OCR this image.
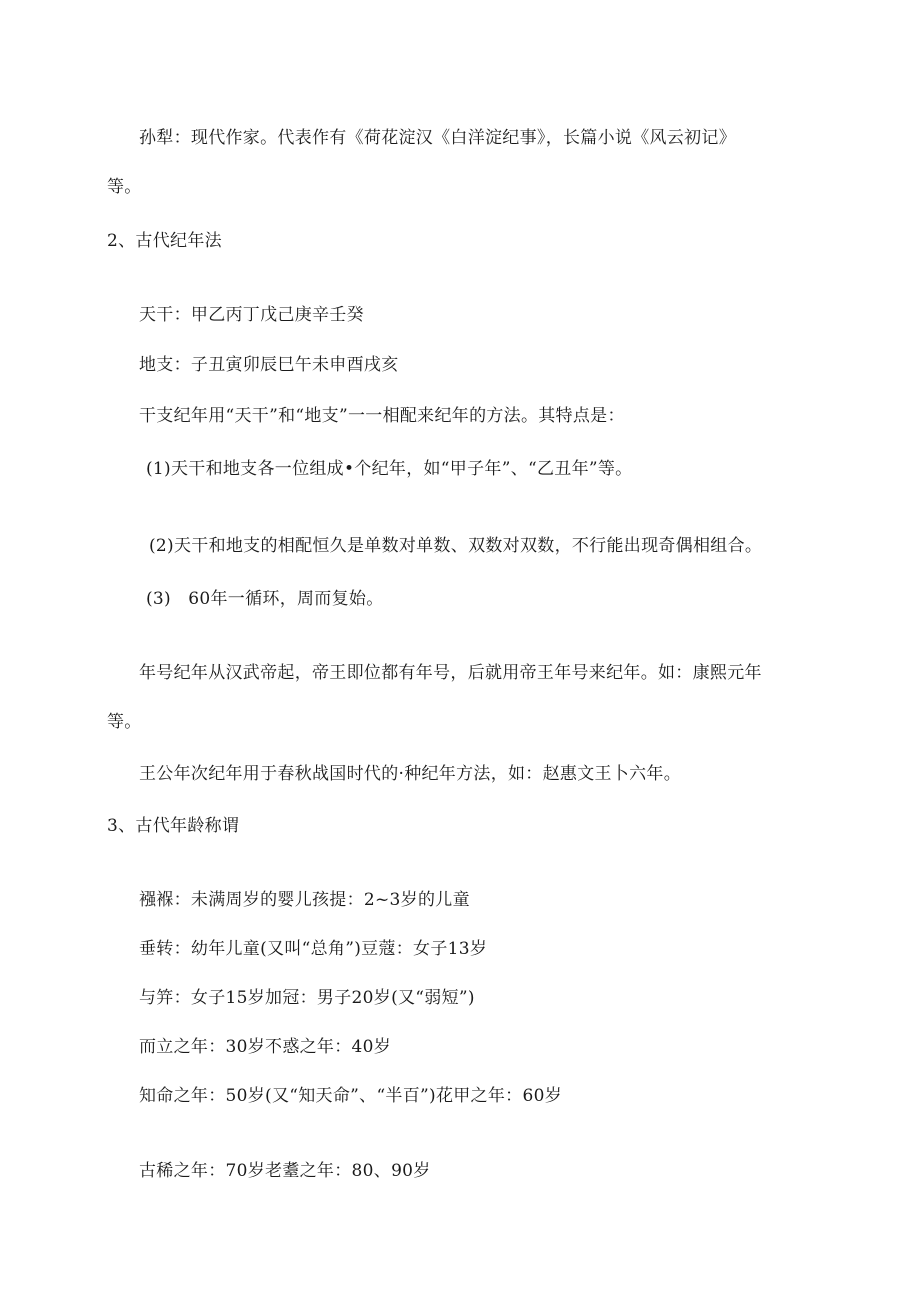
孙犁：现代作家。代表作有《荷花淀汉《白洋淀纪事》，长篇小说《风云初记》
等。
2、古代纪年法
天干：甲乙丙丁戊己庚辛壬癸
地支：子丑寅卯辰巳午未申酉戌亥
干支纪年用“天干”和“地支”一一相配来纪年的方法。其特点是：
(1)天干和地支各一位组成•个纪年，如“甲子年”、“乙丑年”等。
(2)天干和地支的相配恒久是单数对单数、双数对双数，不行能出现奇偶相组合。
(3)　60年一循环，周而复始。
年号纪年从汉武帝起，帝王即位都有年号，后就用帝王年号来纪年。如：康熙元年
等。
王公年次纪年用于春秋战国时代的·种纪年方法，如：赵惠文王卜六年。
3、古代年龄称谓
襁褓：未满周岁的婴儿孩提：2~3岁的儿童
垂转：幼年儿童(又叫“总角”)豆蔻：女子13岁
与笄：女子15岁加冠：男子20岁(又“弱短”)
而立之年：30岁不惑之年：40岁
知命之年：50岁(又“知天命”、“半百”)花甲之年：60岁
古稀之年：70岁老耋之年：80、90岁
